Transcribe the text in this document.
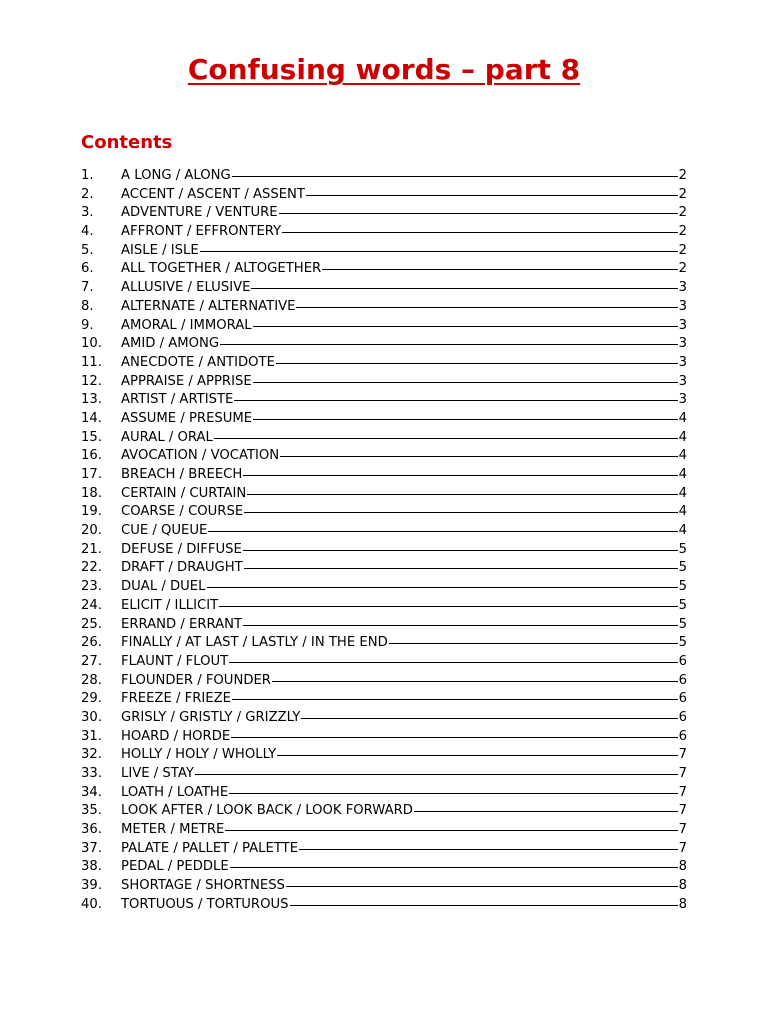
Confusing words – part 8
Contents
1.	A LONG / ALONG	2
2.	ACCENT / ASCENT / ASSENT	2
3.	ADVENTURE / VENTURE	2
4.	AFFRONT / EFFRONTERY	2
5.	AISLE / ISLE	2
6.	ALL TOGETHER / ALTOGETHER	2
7.	ALLUSIVE / ELUSIVE	3
8.	ALTERNATE / ALTERNATIVE	3
9.	AMORAL / IMMORAL	3
10.	AMID / AMONG	3
11.	ANECDOTE / ANTIDOTE	3
12.	APPRAISE / APPRISE	3
13.	ARTIST / ARTISTE	3
14.	ASSUME / PRESUME	4
15.	AURAL / ORAL	4
16.	AVOCATION / VOCATION	4
17.	BREACH / BREECH	4
18.	CERTAIN / CURTAIN	4
19.	COARSE / COURSE	4
20.	CUE / QUEUE	4
21.	DEFUSE / DIFFUSE	5
22.	DRAFT / DRAUGHT	5
23.	DUAL / DUEL	5
24.	ELICIT / ILLICIT	5
25.	ERRAND / ERRANT	5
26.	FINALLY / AT LAST / LASTLY / IN THE END	5
27.	FLAUNT / FLOUT	6
28.	FLOUNDER / FOUNDER	6
29.	FREEZE / FRIEZE	6
30.	GRISLY / GRISTLY / GRIZZLY	6
31.	HOARD / HORDE	6
32.	HOLLY / HOLY / WHOLLY	7
33.	LIVE / STAY	7
34.	LOATH / LOATHE	7
35.	LOOK AFTER / LOOK BACK / LOOK FORWARD	7
36.	METER / METRE	7
37.	PALATE / PALLET / PALETTE	7
38.	PEDAL / PEDDLE	8
39.	SHORTAGE / SHORTNESS	8
40.	TORTUOUS / TORTUROUS	8
